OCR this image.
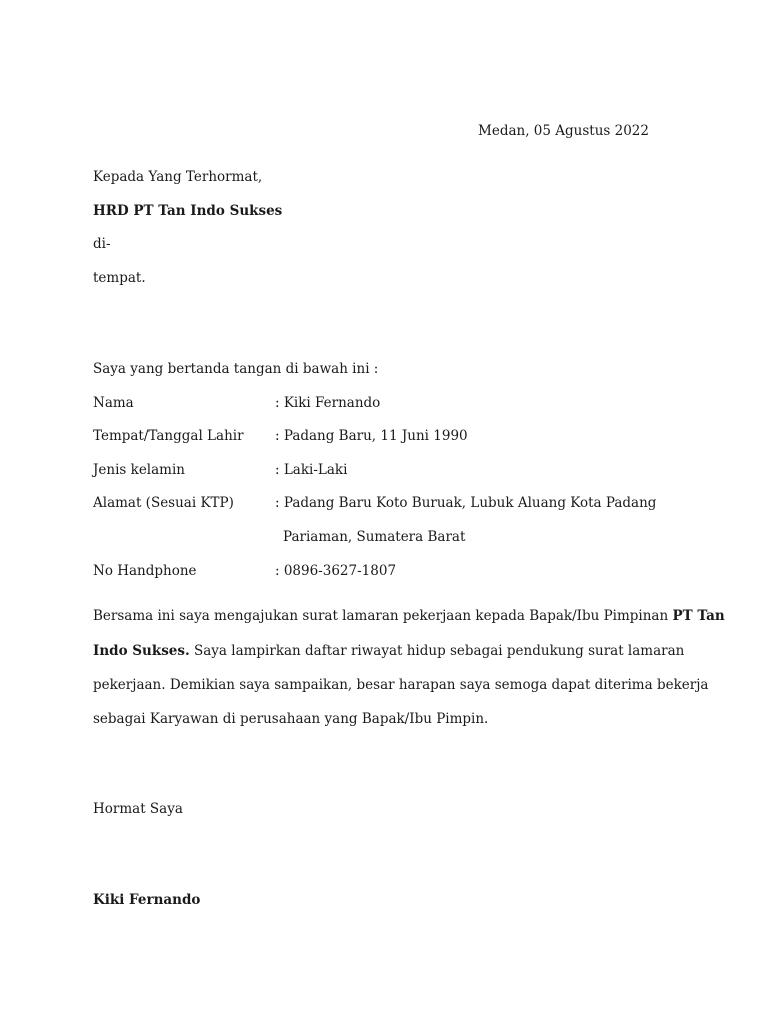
Medan, 05 Agustus 2022
Kepada Yang Terhormat,
HRD PT Tan Indo Sukses
di-
tempat.
Saya yang bertanda tangan di bawah ini :
Nama	: Kiki Fernando
Tempat/Tanggal Lahir : Padang Baru, 11 Juni 1990
Jenis kelamin	: Laki-Laki
Alamat (Sesuai KTP)	: Padang Baru Koto Buruak, Lubuk Aluang Kota Padang
Pariaman, Sumatera Barat
No Handphone	: 0896-3627-1807
Bersama ini saya mengajukan surat lamaran pekerjaan kepada Bapak/Ibu Pimpinan PT Tan
Indo Sukses. Saya lampirkan daftar riwayat hidup sebagai pendukung surat lamaran
pekerjaan. Demikian saya sampaikan, besar harapan saya semoga dapat diterima bekerja
sebagai Karyawan di perusahaan yang Bapak/Ibu Pimpin.
Hormat Saya
Kiki Fernando
